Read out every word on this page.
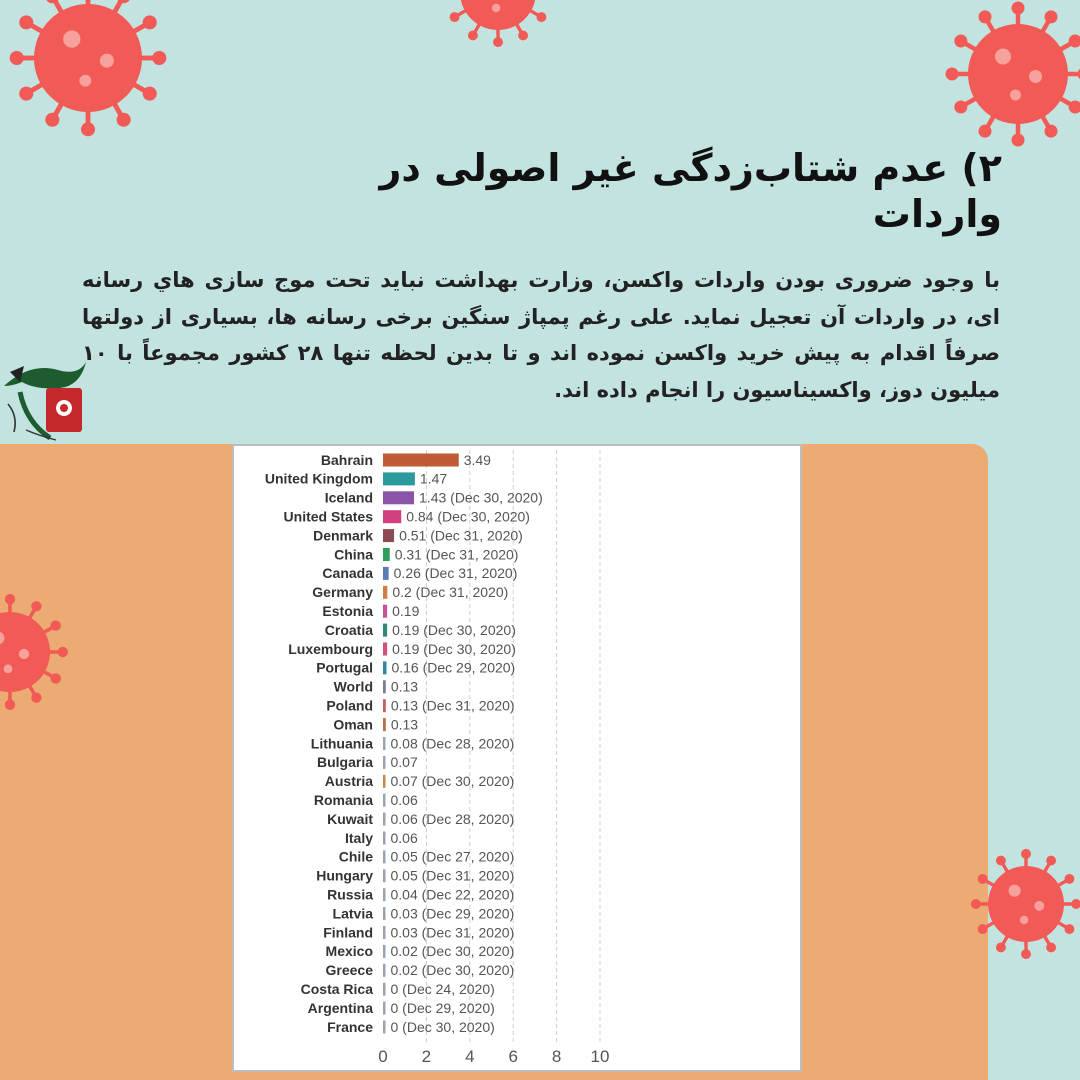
۲) عدم شتاب‌زدگی غیر اصولی در واردات

با وجود ضروری بودن واردات واکسن، وزارت بهداشت نباید تحت موج سازی هاي رسانه ای، در واردات آن تعجیل نماید. علی رغم پمپاژ سنگین برخی رسانه ها، بسیاری از دولتها صرفاً اقدام به پیش خرید واکسن نموده اند و تا بدین لحظه تنها ۲۸ کشور مجموعاً با ۱۰ میلیون دوز، واکسیناسیون را انجام داده اند.

0 2 4 6 8 10
Bahrain	3.49
United Kingdom	1.47
Iceland	1.43 (Dec 30, 2020)
United States 0.84 (Dec 30, 2020)
Denmark 0.51 (Dec 31, 2020)
China 0.31 (Dec 31, 2020)
Canada 0.26 (Dec 31, 2020)
Germany 0.2 (Dec 31, 2020)
Estonia 0.19
Croatia 0.19 (Dec 30, 2020)
Luxembourg 0.19 (Dec 30, 2020)
Portugal 0.16 (Dec 29, 2020)
World 0.13
Poland 0.13 (Dec 31, 2020)
Oman 0.13
Lithuania 0.08 (Dec 28, 2020)
Bulgaria 0.07
Austria 0.07 (Dec 30, 2020)
Romania 0.06
Kuwait 0.06 (Dec 28, 2020)
Italy 0.06
Chile 0.05 (Dec 27, 2020)
Hungary 0.05 (Dec 31, 2020)
Russia 0.04 (Dec 22, 2020)
Latvia 0.03 (Dec 29, 2020)
Finland 0.03 (Dec 31, 2020)
Mexico 0.02 (Dec 30, 2020)
Greece 0.02 (Dec 30, 2020)
Costa Rica 0 (Dec 24, 2020)
Argentina 0 (Dec 29, 2020)
France 0 (Dec 30, 2020)
